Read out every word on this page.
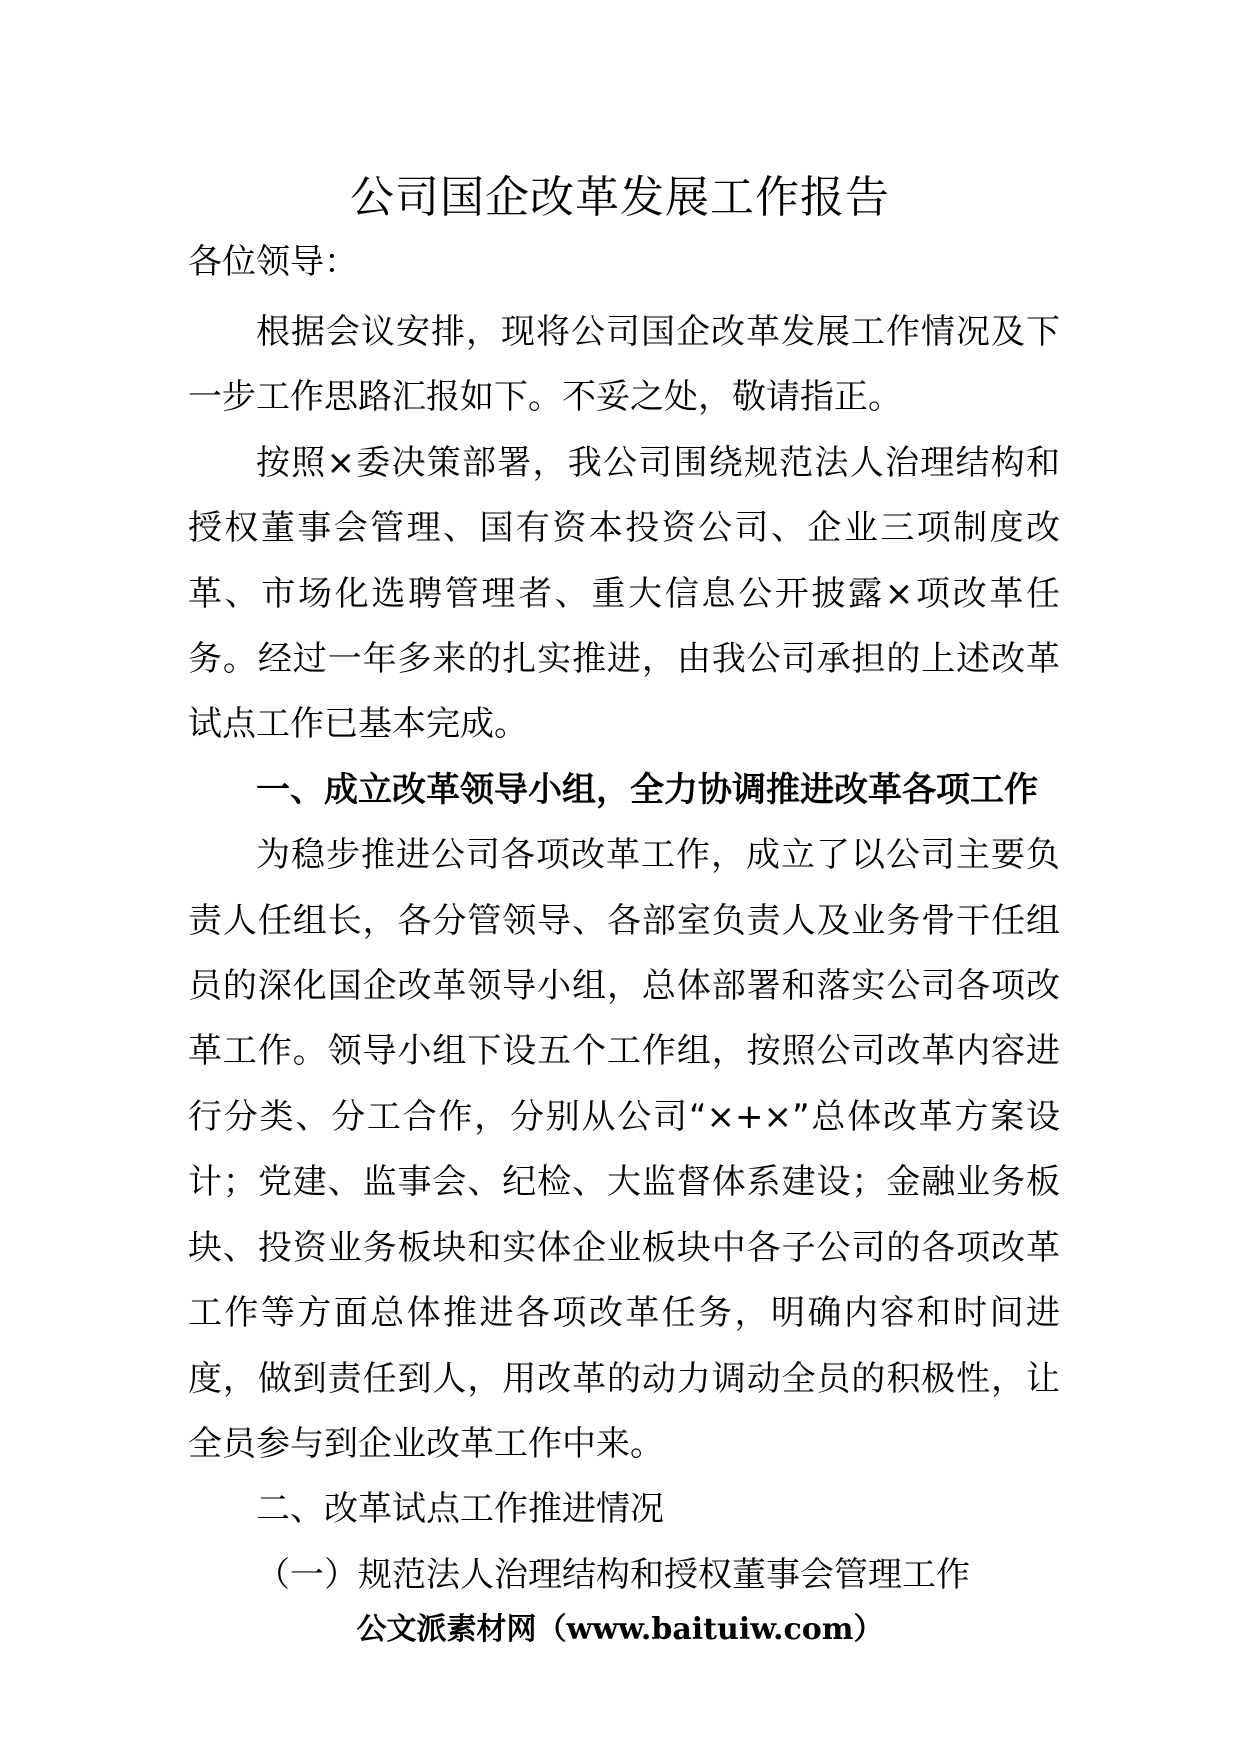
公司国企改革发展工作报告
各位领导：

根据会议安排，现将公司国企改革发展工作情况及下一步工作思路汇报如下。不妥之处，敬请指正。

按照×委决策部署，我公司围绕规范法人治理结构和授权董事会管理、国有资本投资公司、企业三项制度改革、市场化选聘管理者、重大信息公开披露×项改革任务。经过一年多来的扎实推进，由我公司承担的上述改革试点工作已基本完成。

一、成立改革领导小组，全力协调推进改革各项工作

为稳步推进公司各项改革工作，成立了以公司主要负责人任组长，各分管领导、各部室负责人及业务骨干任组员的深化国企改革领导小组，总体部署和落实公司各项改革工作。领导小组下设五个工作组，按照公司改革内容进行分类、分工合作，分别从公司“×+×”总体改革方案设计；党建、监事会、纪检、大监督体系建设；金融业务板块、投资业务板块和实体企业板块中各子公司的各项改革工作等方面总体推进各项改革任务，明确内容和时间进度，做到责任到人，用改革的动力调动全员的积极性，让全员参与到企业改革工作中来。

二、改革试点工作推进情况

（一）规范法人治理结构和授权董事会管理工作

公文派素材网（www.baituiw.com）
